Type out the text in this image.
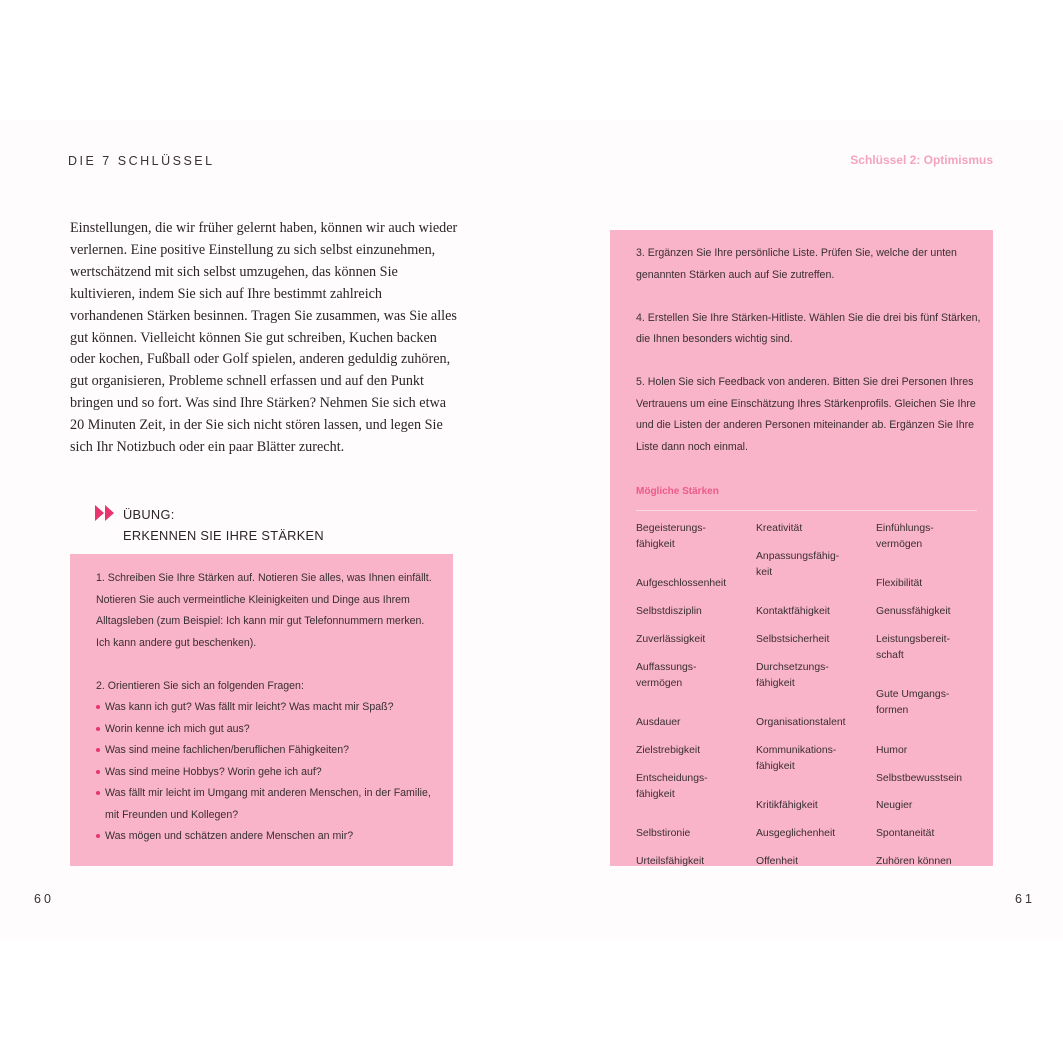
DIE 7 SCHLÜSSEL	Schlüssel 2: Optimismus

Einstellungen, die wir früher gelernt haben, können wir auch wieder verlernen. Eine positive Einstellung zu sich selbst einzunehmen, wertschätzend mit sich selbst umzugehen, das können Sie kultivieren, indem Sie sich auf Ihre bestimmt zahlreich vorhandenen Stärken besinnen. Tragen Sie zusammen, was Sie alles gut können. Vielleicht können Sie gut schreiben, Kuchen backen oder kochen, Fußball oder Golf spielen, anderen geduldig zuhören, gut organisieren, Probleme schnell erfassen und auf den Punkt bringen und so fort. Was sind Ihre Stärken? Nehmen Sie sich etwa 20 Minuten Zeit, in der Sie sich nicht stören lassen, und legen Sie sich Ihr Notizbuch oder ein paar Blätter zurecht.

ÜBUNG:
ERKENNEN SIE IHRE STÄRKEN

1. Schreiben Sie Ihre Stärken auf. Notieren Sie alles, was Ihnen einfällt. Notieren Sie auch vermeintliche Kleinigkeiten und Dinge aus Ihrem Alltagsleben (zum Beispiel: Ich kann mir gut Telefonnummern merken. Ich kann andere gut beschenken).

2. Orientieren Sie sich an folgenden Fragen:
Was kann ich gut? Was fällt mir leicht? Was macht mir Spaß?
Worin kenne ich mich gut aus?
Was sind meine fachlichen/beruflichen Fähigkeiten?
Was sind meine Hobbys? Worin gehe ich auf?
Was fällt mir leicht im Umgang mit anderen Menschen, in der Familie, mit Freunden und Kollegen?
Was mögen und schätzen andere Menschen an mir?

3. Ergänzen Sie Ihre persönliche Liste. Prüfen Sie, welche der unten genannten Stärken auch auf Sie zutreffen.

4. Erstellen Sie Ihre Stärken-Hitliste. Wählen Sie die drei bis fünf Stärken, die Ihnen besonders wichtig sind.

5. Holen Sie sich Feedback von anderen. Bitten Sie drei Personen Ihres Vertrauens um eine Einschätzung Ihres Stärkenprofils. Gleichen Sie Ihre und die Listen der anderen Personen miteinander ab. Ergänzen Sie Ihre Liste dann noch einmal.

Mögliche Stärken
Begeisterungs-
fähigkeit
Aufgeschlossenheit
Selbstdisziplin
Zuverlässigkeit
Auffassungs-
vermögen
Ausdauer
Zielstrebigkeit
Entscheidungs-
fähigkeit
Selbstironie
Urteilsfähigkeit
Kreativität
Anpassungsfähig-
keit
Kontaktfähigkeit
Selbstsicherheit
Durchsetzungs-
fähigkeit
Organisationstalent
Kommunikations-
fähigkeit
Kritikfähigkeit
Ausgeglichenheit
Offenheit
Einfühlungs-
vermögen
Flexibilität
Genussfähigkeit
Leistungsbereit-
schaft
Gute Umgangs-
formen
Humor
Selbstbewusstsein
Neugier
Spontaneität
Zuhören können
60	61
